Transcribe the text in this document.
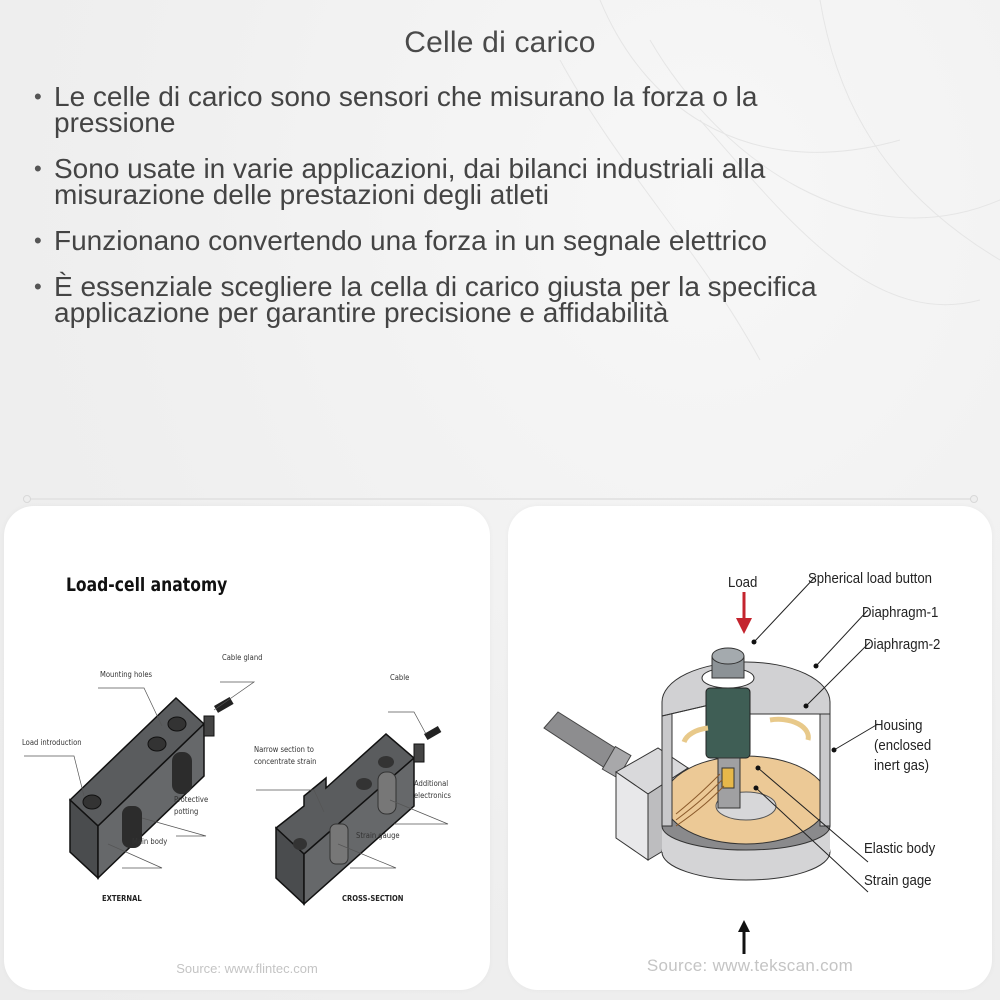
Celle di carico
• Le celle di carico sono sensori che misurano la forza o la pressione
• Sono usate in varie applicazioni, dai bilanci industriali alla misurazione delle prestazioni degli atleti
• Funzionano convertendo una forza in un segnale elettrico
• È essenziale scegliere la cella di carico giusta per la specifica applicazione per garantire precisione e affidabilità
Load-cell anatomy
Cable gland
Mounting holes
Load introduction
Protective
potting
Main body
Cable
Narrow section to
concentrate strain
Additional
electronics
Strain gauge
EXTERNAL	CROSS-SECTION
Source: www.flintec.com
Load	Spherical load button
Diaphragm-1
Diaphragm-2
Housing
(enclosed
inert gas)
Elastic body
Strain gage
Source: www.tekscan.com
